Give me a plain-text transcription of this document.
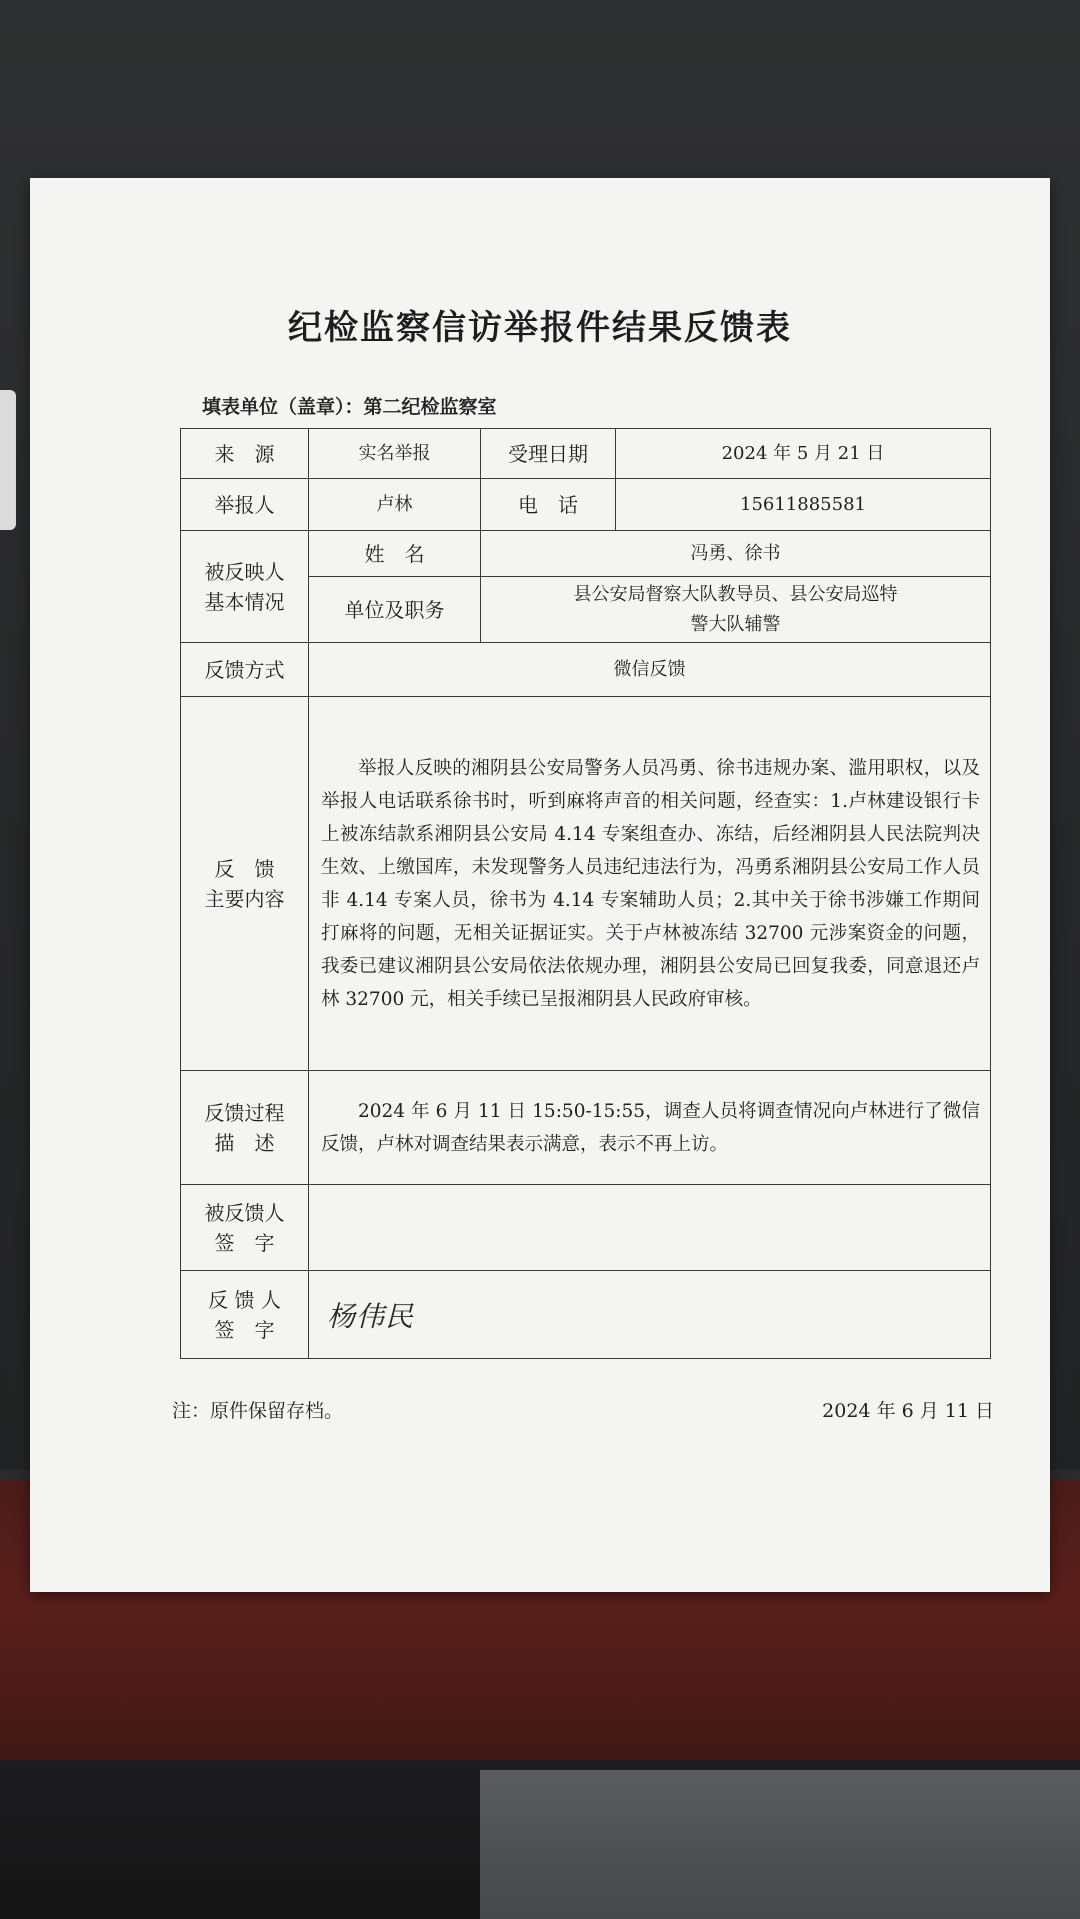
纪检监察信访举报件结果反馈表
填表单位（盖章）：第二纪检监察室
来　源	实名举报	受理日期	2024 年 5 月 21 日
举报人	卢林	电　话	15611885581
被反映人
基本情况	姓　名	冯勇、徐书	
	单位及职务	县公安局督察大队教导员、县公安局巡特
警大队辅警	
反馈方式	微信反馈		
反　馈
主要内容	举报人反映的湘阴县公安局警务人员冯勇、徐书违规办案、滥用职权，以及举报人电话联系徐书时，听到麻将声音的相关问题，经查实：1.卢林建设银行卡上被冻结款系湘阴县公安局 4.14 专案组查办、冻结，后经湘阴县人民法院判决生效、上缴国库，未发现警务人员违纪违法行为，冯勇系湘阴县公安局工作人员非 4.14 专案人员，徐书为 4.14 专案辅助人员；2.其中关于徐书涉嫌工作期间打麻将的问题，无相关证据证实。关于卢林被冻结 32700 元涉案资金的问题，我委已建议湘阴县公安局依法依规办理，湘阴县公安局已回复我委，同意退还卢林 32700 元，相关手续已呈报湘阴县人民政府审核。		
反馈过程
描　述	2024 年 6 月 11 日 15:50-15:55，调查人员将调查情况向卢林进行了微信反馈，卢林对调查结果表示满意，表示不再上访。		
被反馈人
签　字			
反 馈 人
签　字	杨伟民		
注：原件保留存档。	2024 年 6 月 11 日
